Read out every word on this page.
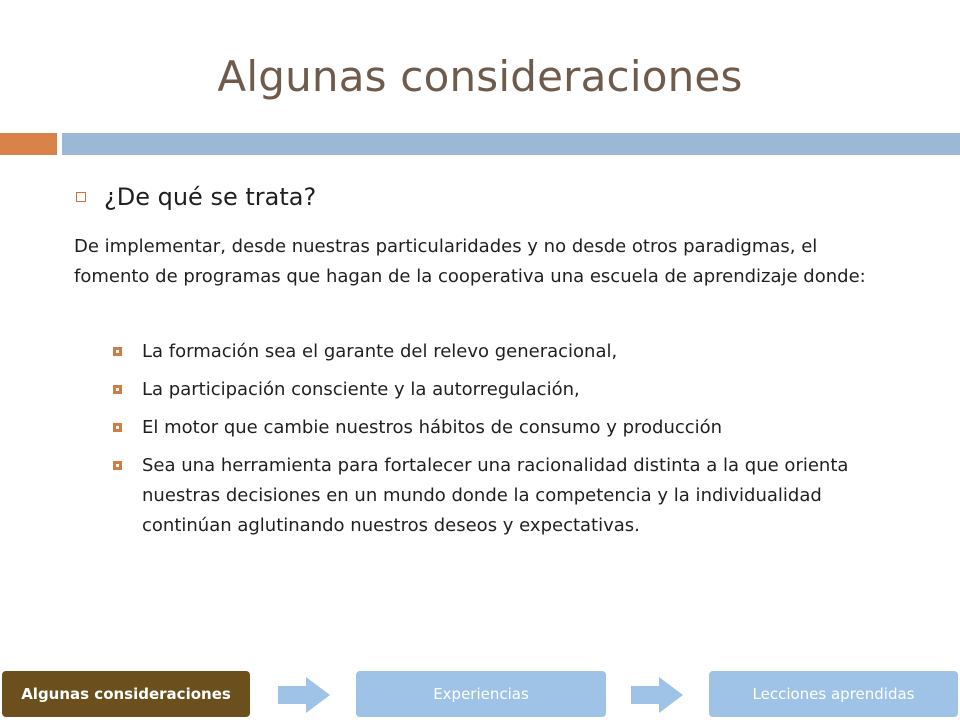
Algunas consideraciones
¿De qué se trata?
De implementar, desde nuestras particularidades y no desde otros paradigmas, el fomento de programas que hagan de la cooperativa una escuela de aprendizaje donde:
La formación sea el garante del relevo generacional,
La participación consciente y la autorregulación,
El motor que cambie nuestros hábitos de consumo y producción
Sea una herramienta para fortalecer una racionalidad distinta a la que orienta nuestras decisiones en un mundo donde la competencia y la individualidad continúan aglutinando nuestros deseos y expectativas.
Algunas consideraciones	Experiencias	Lecciones aprendidas
